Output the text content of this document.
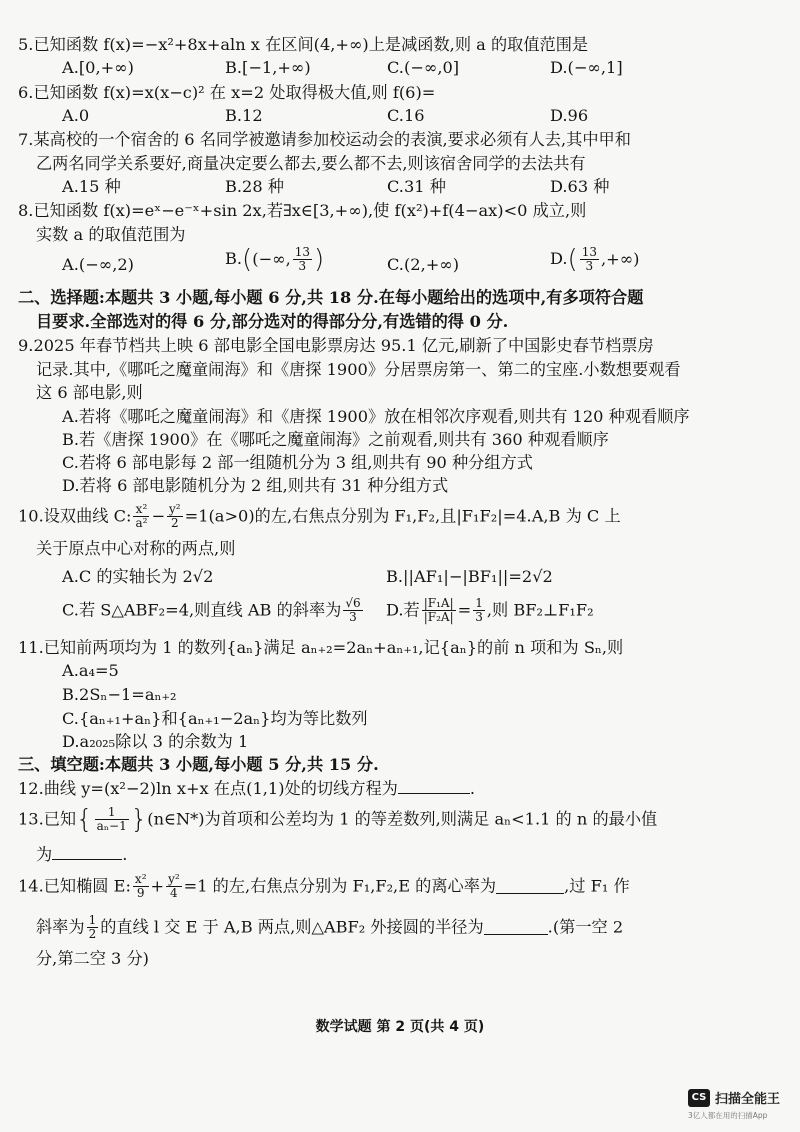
5.已知函数 f(x)=−x²+8x+aln x 在区间(4,+∞)上是减函数,则 a 的取值范围是
A.[0,+∞)	B.[−1,+∞)	C.(−∞,0]	D.(−∞,1]
6.已知函数 f(x)=x(x−c)² 在 x=2 处取得极大值,则 f(6)=
A.0	B.12	C.16	D.96
7.某高校的一个宿舍的 6 名同学被邀请参加校运动会的表演,要求必须有人去,其中甲和
乙两名同学关系要好,商量决定要么都去,要么都不去,则该宿舍同学的去法共有
A.15 种	B.28 种	C.31 种	D.63 种
8.已知函数 f(x)=eˣ−e⁻ˣ+sin 2x,若∃x∈[3,+∞),使 f(x²)+f(4−ax)<0 成立,则
实数 a 的取值范围为
A.(−∞,2)	B.((−∞, $\frac{13}{3}$ )	C.(2,+∞)	$D.( \frac{13}{3}$ ,+∞)
二、选择题:本题共 3 小题,每小题 6 分,共 18 分.在每小题给出的选项中,有多项符合题
目要求.全部选对的得 6 分,部分选对的得部分分,有选错的得 0 分.
9.2025 年春节档共上映 6 部电影全国电影票房达 95.1 亿元,刷新了中国影史春节档票房
记录.其中,《哪吒之魔童闹海》和《唐探 1900》分居票房第一、第二的宝座.小数想要观看
这 6 部电影,则
A.若将《哪吒之魔童闹海》和《唐探 1900》放在相邻次序观看,则共有 120 种观看顺序
B.若《唐探 1900》在《哪吒之魔童闹海》之前观看,则共有 360 种观看顺序
C.若将 6 部电影每 2 部一组随机分为 3 组,则共有 90 种分组方式
D.若将 6 部电影随机分为 2 组,则共有 31 种分组方式
10.设双曲线 C: $\frac{\text{x²}}{\text{a²}} - \frac{\text{y²}}{2} =1(a>0)$的左,右焦点分别为 F₁,F₂,且|F₁F₂|=4.A,B 为 C 上
关于原点中心对称的两点,则
A.C 的实轴长为 2√2	B.||AF₁|−|BF₁||=2√2
C.若 S△ABF₂=4,则直线 AB 的斜率为 $\frac{√6}{3} D$.若 $\frac{\text{|F₁A|}}{\text{|F₂A|}} = \frac{1}{3}$ ,则 BF₂⊥F₁F₂
11.已知前两项均为 1 的数列{aₙ}满足 aₙ₊₂=2aₙ+aₙ₊₁,记{aₙ}的前 n 项和为 Sₙ,则
A.a₄=5
B.2Sₙ−1=aₙ₊₂
C.{aₙ₊₁+aₙ}和{aₙ₊₁−2aₙ}均为等比数列
D.a₂₀₂₅除以 3 的余数为 1
三、填空题:本题共 3 小题,每小题 5 分,共 15 分.
12.曲线 y=(x²−2)ln x+x 在点(1,1)处的切线方程为	.
13.已知{ $\frac{1}{\text{aₙ−1}}$ }(n∈N*)为首项和公差均为 1 的等差数列,则满足 aₙ<1.1 的 n 的最小值
为	.
14.已知椭圆 E: $\frac{\text{x²}}{9} + \frac{\text{y²}}{4} =1$ 的左,右焦点分别为 F₁,F₂,E 的离心率为	,过 F₁ 作
斜率为 $\frac{1}{2}$ 的直线 l 交 E 于 A,B 两点,则△ABF₂ 外接圆的半径为	.(第一空 2
分,第二空 3 分)
数学试题 第 2 页(共 4 页)
CS 扫描全能王
3亿人都在用的扫描App
